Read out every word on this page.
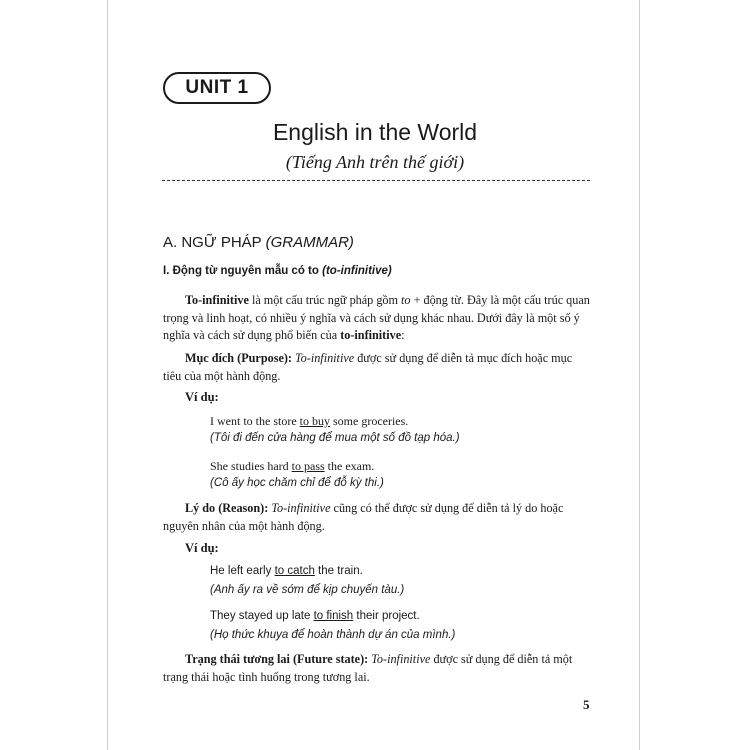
UNIT 1
English in the World
(Tiếng Anh trên thế giới)
A. NGỮ PHÁP (GRAMMAR)
I. Động từ nguyên mẫu có to (to-infinitive)

To-infinitive là một cấu trúc ngữ pháp gồm to + động từ. Đây là một cấu trúc quan trọng và linh hoạt, có nhiều ý nghĩa và cách sử dụng khác nhau. Dưới đây là một số ý nghĩa và cách sử dụng phổ biến của to-infinitive:

Mục đích (Purpose): To-infinitive được sử dụng để diễn tả mục đích hoặc mục tiêu của một hành động.

Ví dụ:
I went to the store to buy some groceries.
(Tôi đi đến cửa hàng để mua một số đồ tạp hóa.)
She studies hard to pass the exam.
(Cô ấy học chăm chỉ để đỗ kỳ thi.)

Lý do (Reason): To-infinitive cũng có thể được sử dụng để diễn tả lý do hoặc nguyên nhân của một hành động.

Ví dụ:
He left early to catch the train.
(Anh ấy ra về sớm để kịp chuyến tàu.)
They stayed up late to finish their project.
(Họ thức khuya để hoàn thành dự án của mình.)

Trạng thái tương lai (Future state): To-infinitive được sử dụng để diễn tả một trạng thái hoặc tình huống trong tương lai.

5
